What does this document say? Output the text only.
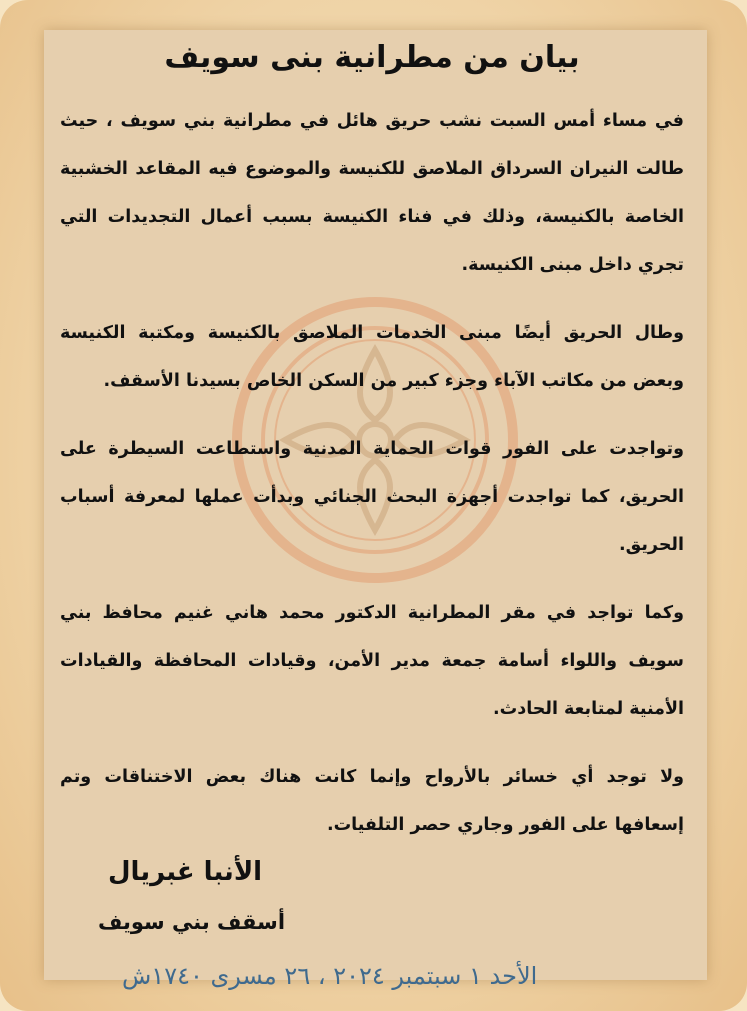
بيان من مطرانية بنى سويف

في مساء أمس السبت نشب حريق هائل في مطرانية بني سويف ، حيث طالت النيران السرداق الملاصق للكنيسة والموضوع فيه المقاعد الخشبية الخاصة بالكنيسة، وذلك في فناء الكنيسة بسبب أعمال التجديدات التي تجري داخل مبنى الكنيسة.

وطال الحريق أيضًا مبنى الخدمات الملاصق بالكنيسة ومكتبة الكنيسة وبعض من مكاتب الآباء وجزء كبير من السكن الخاص بسيدنا الأسقف.

وتواجدت على الفور قوات الحماية المدنية واستطاعت السيطرة على الحريق، كما تواجدت أجهزة البحث الجنائي وبدأت عملها لمعرفة أسباب الحريق.

وكما تواجد في مقر المطرانية الدكتور محمد هاني غنيم محافظ بني سويف واللواء أسامة جمعة مدير الأمن، وقيادات المحافظة والقيادات الأمنية لمتابعة الحادث.

ولا توجد أي خسائر بالأرواح وإنما كانت هناك بعض الاختناقات وتم إسعافها على الفور وجاري حصر التلفيات.

الأنبا غبريال
أسقف بني سويف
الأحد ١ سبتمبر ٢٠٢٤ ، ٢٦ مسرى ١٧٤٠ش
